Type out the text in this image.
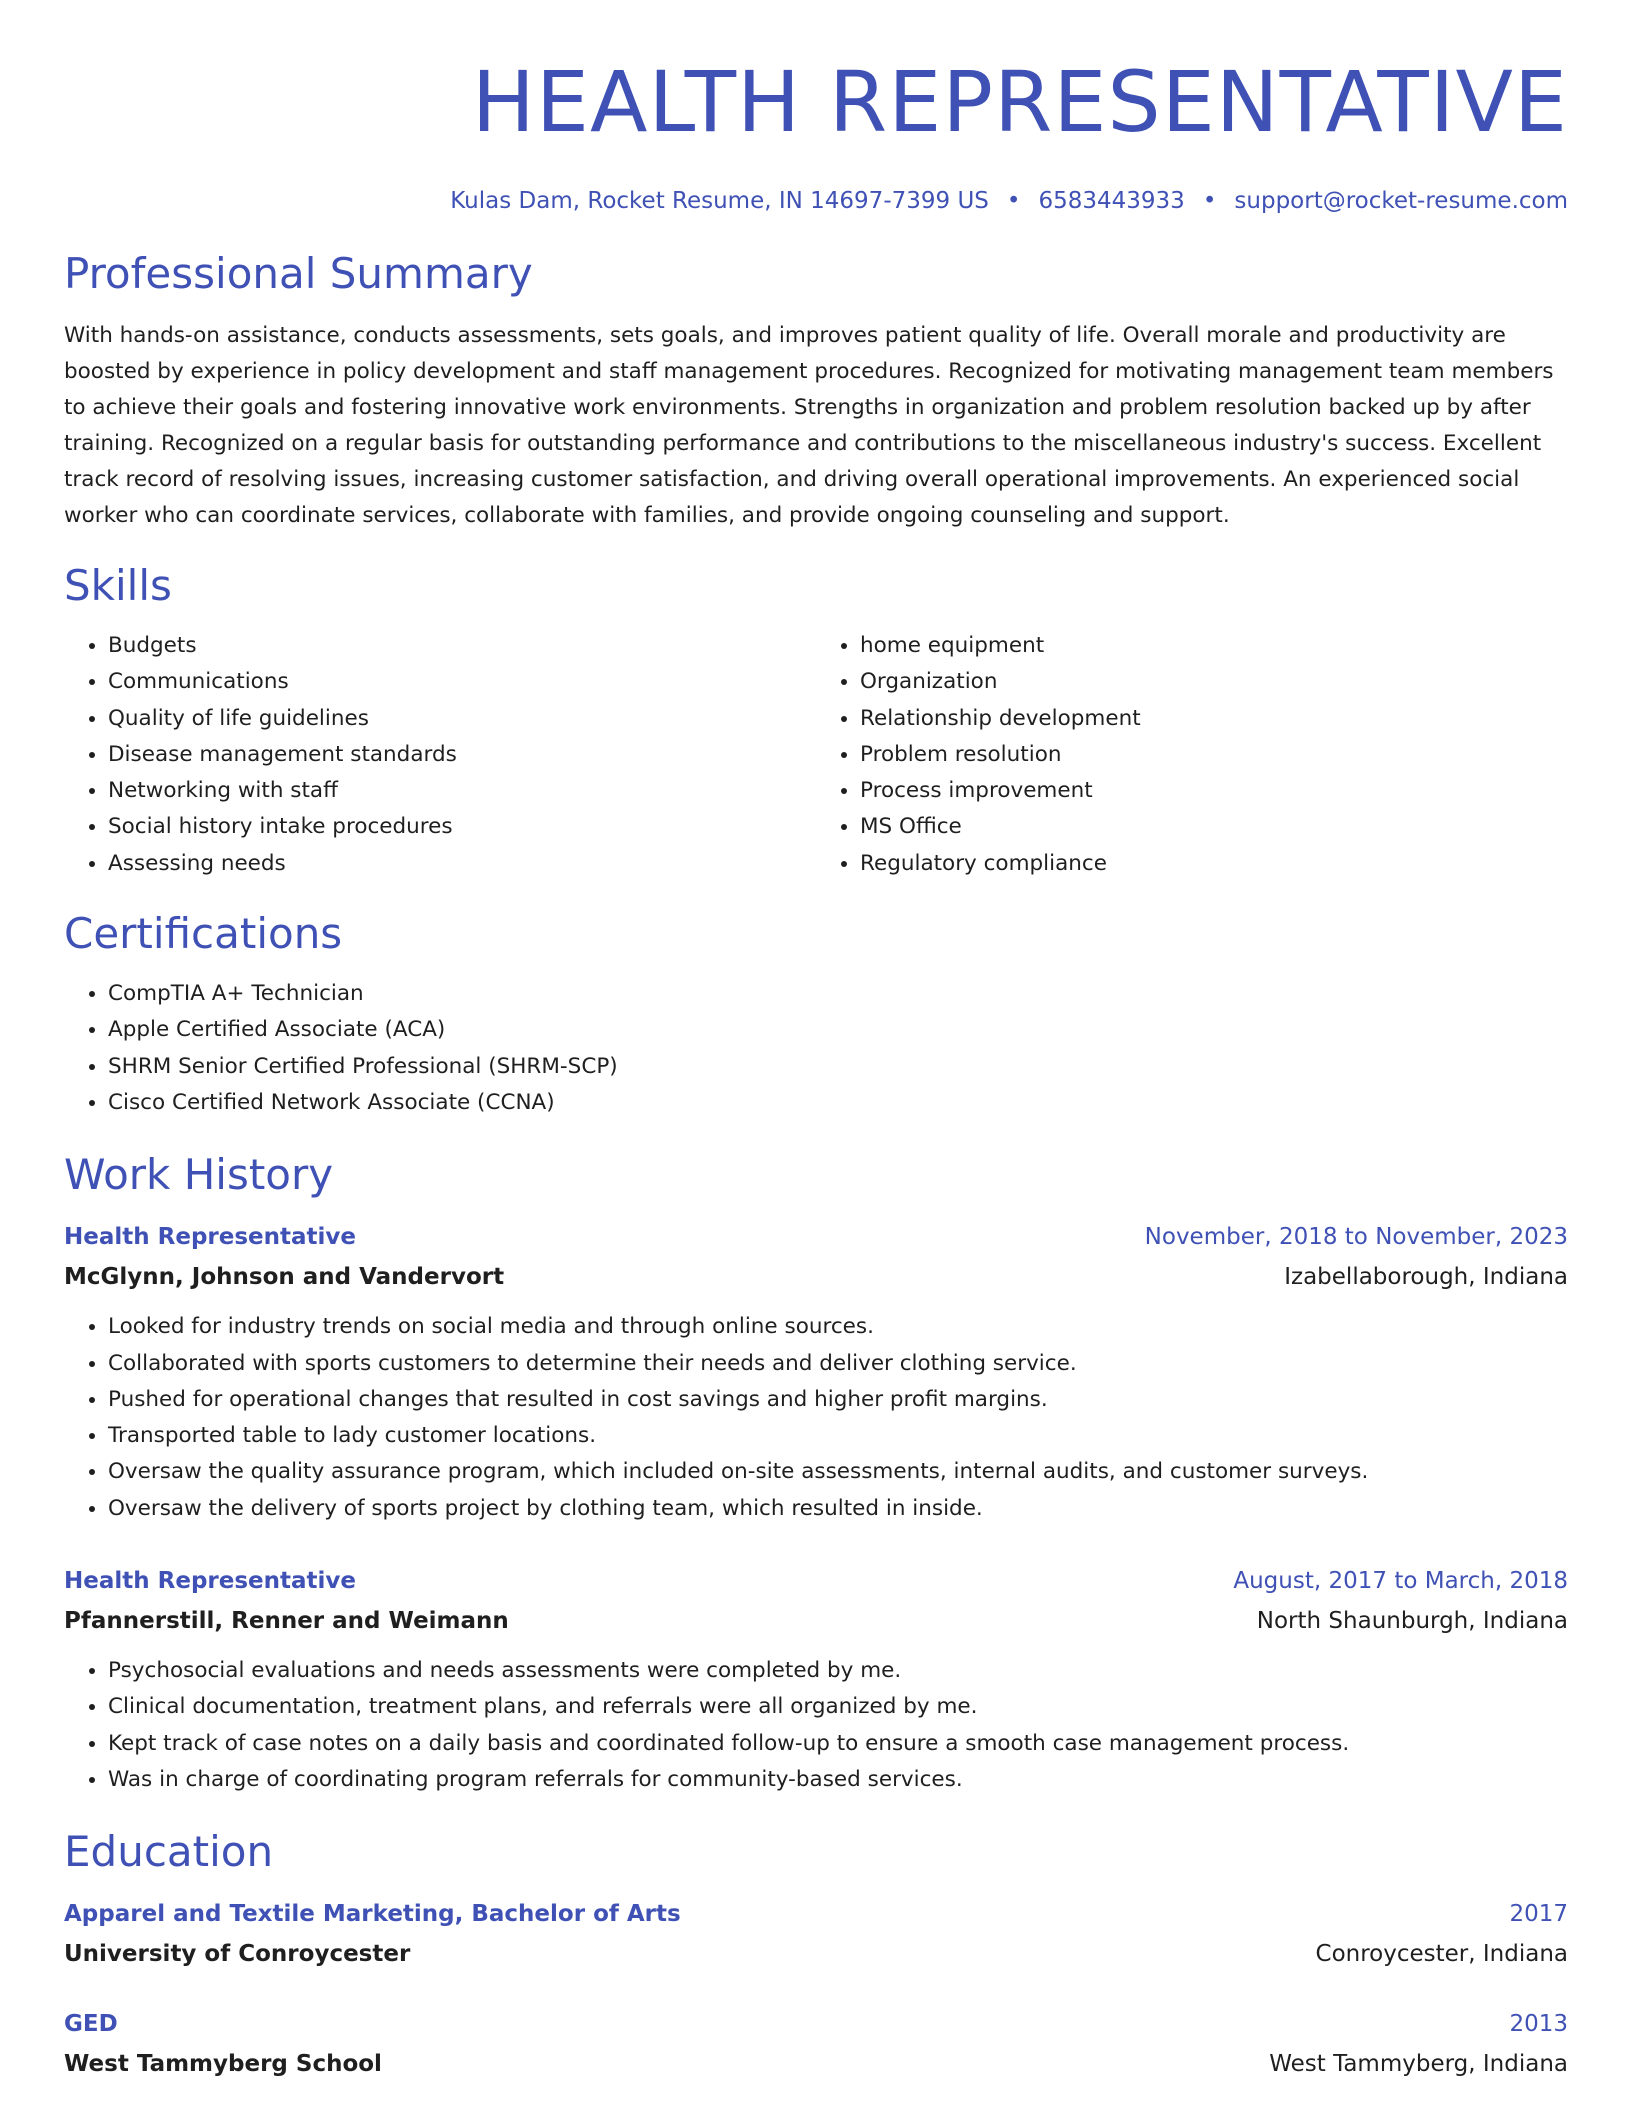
HEALTH REPRESENTATIVE
Kulas Dam, Rocket Resume, IN 14697-7399 US • 6583443933 • support@rocket-resume.com
Professional Summary

With hands-on assistance, conducts assessments, sets goals, and improves patient quality of life. Overall morale and productivity are boosted by experience in policy development and staff management procedures. Recognized for motivating management team members to achieve their goals and fostering innovative work environments. Strengths in organization and problem resolution backed up by after training. Recognized on a regular basis for outstanding performance and contributions to the miscellaneous industry's success. Excellent track record of resolving issues, increasing customer satisfaction, and driving overall operational improvements. An experienced social worker who can coordinate services, collaborate with families, and provide ongoing counseling and support.

Skills
• Budgets
• Communications
• Quality of life guidelines
• Disease management standards
• Networking with staff
• Social history intake procedures
• Assessing needs
• home equipment
• Organization
• Relationship development
• Problem resolution
• Process improvement
• MS Office
• Regulatory compliance
Certifications
• CompTIA A+ Technician
• Apple Certified Associate (ACA)
• SHRM Senior Certified Professional (SHRM-SCP)
• Cisco Certified Network Associate (CCNA)
Work History
Health Representative	November, 2018 to November, 2023
McGlynn, Johnson and Vandervort	Izabellaborough, Indiana
• Looked for industry trends on social media and through online sources.
• Collaborated with sports customers to determine their needs and deliver clothing service.
• Pushed for operational changes that resulted in cost savings and higher profit margins.
• Transported table to lady customer locations.
• Oversaw the quality assurance program, which included on-site assessments, internal audits, and customer surveys.
• Oversaw the delivery of sports project by clothing team, which resulted in inside.
Health Representative	August, 2017 to March, 2018
Pfannerstill, Renner and Weimann	North Shaunburgh, Indiana
• Psychosocial evaluations and needs assessments were completed by me.
• Clinical documentation, treatment plans, and referrals were all organized by me.
• Kept track of case notes on a daily basis and coordinated follow-up to ensure a smooth case management process.
• Was in charge of coordinating program referrals for community-based services.
Education
Apparel and Textile Marketing, Bachelor of Arts	2017
University of Conroycester	Conroycester, Indiana
GED	2013
West Tammyberg School	West Tammyberg, Indiana
